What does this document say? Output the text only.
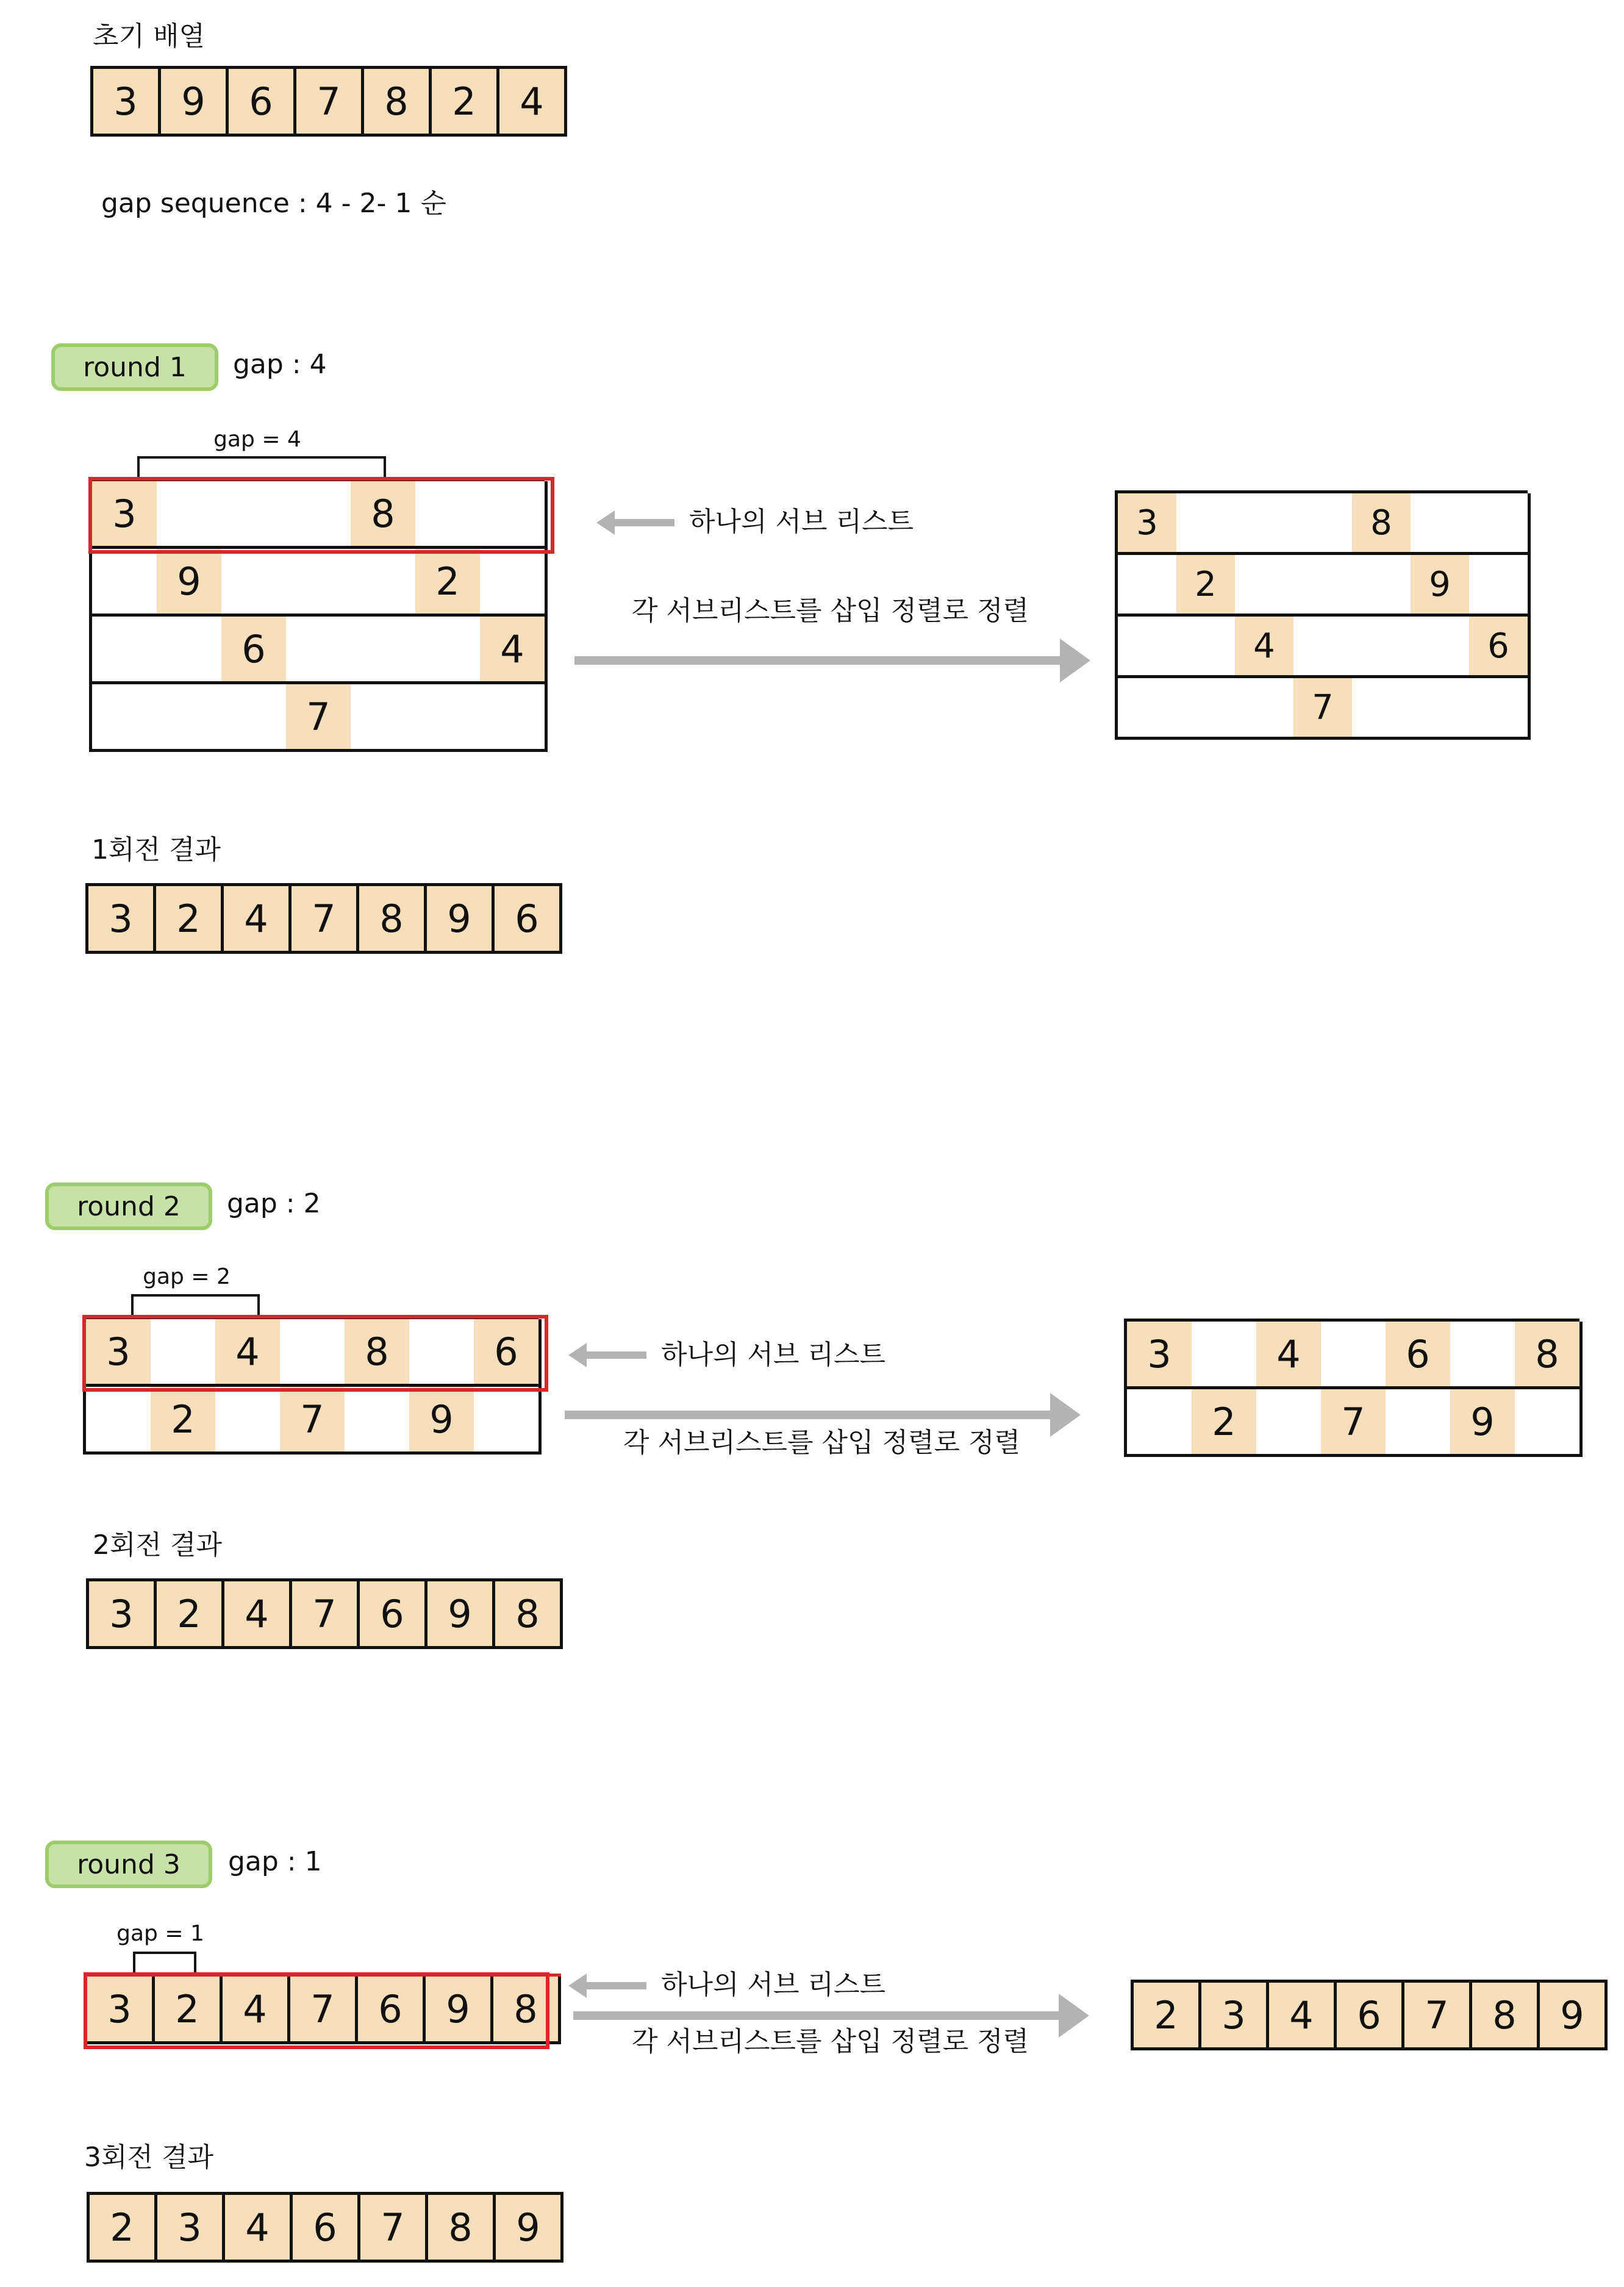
초기 배열
3	9	6	7	8	2	4
gap sequence : 4 - 2- 1 순
round 1	gap : 4
gap = 4
3	8
9	2
6	4
7
하나의 서브 리스트
각 서브리스트를 삽입 정렬로 정렬
3	8
2	9
4	6
7
1회전 결과
3	2	4	7	8	9	6
round 2	gap : 2
gap = 2
3	4	8	6
2	7	9
하나의 서브 리스트
각 서브리스트를 삽입 정렬로 정렬
3	4	6	8
2	7	9
2회전 결과
3	2	4	7	6	9	8
round 3	gap : 1
gap = 1
3	2	4	7	6	9	8
하나의 서브 리스트
각 서브리스트를 삽입 정렬로 정렬
2	3	4	6	7	8	9
3회전 결과
2	3	4	6	7	8	9
